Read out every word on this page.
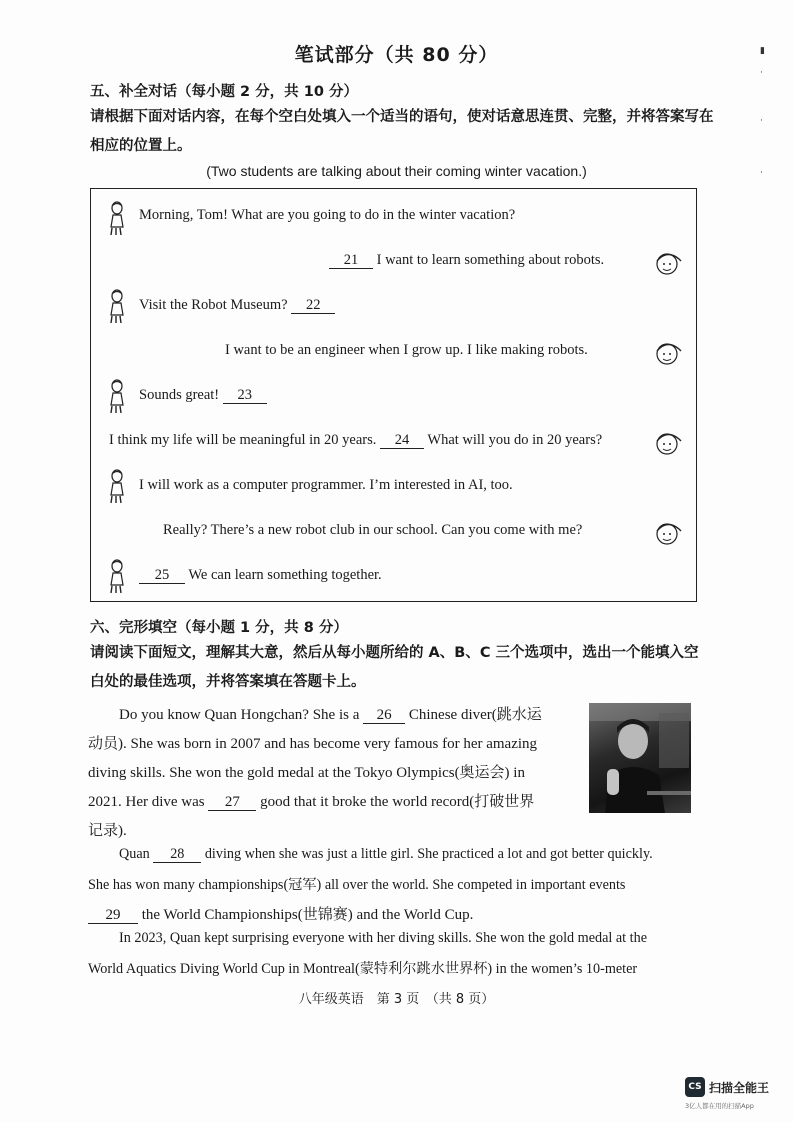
笔试部分（共 80 分）
五、补全对话（每小题 2 分，共 10 分）
请根据下面对话内容，在每个空白处填入一个适当的语句，使对话意思连贯、完整，并将答案写在相应的位置上。
(Two students are talking about their coming winter vacation.)
Morning, Tom! What are you going to do in the winter vacation?
21 I want to learn something about robots.
Visit the Robot Museum? 22
I want to be an engineer when I grow up. I like making robots.
Sounds great! 23
I think my life will be meaningful in 20 years. 24 What will you do in 20 years?
I will work as a computer programmer. I’m interested in AI, too.
Really? There’s a new robot club in our school. Can you come with me?
25 We can learn something together.
六、完形填空（每小题 1 分，共 8 分）
请阅读下面短文，理解其大意，然后从每小题所给的 A、B、C 三个选项中，选出一个能填入空白处的最佳选项，并将答案填在答题卡上。
Do you know Quan Hongchan? She is a 26 Chinese diver(跳水运
动员). She was born in 2007 and has become very famous for her amazing
diving skills. She won the gold medal at the Tokyo Olympics(奥运会) in
2021. Her dive was 27 good that it broke the world record(打破世界
记录).
Quan 28 diving when she was just a little girl. She practiced a lot and got better quickly.
She has won many championships(冠军) all over the world. She competed in important events
29 the World Championships(世锦赛) and the World Cup.
In 2023, Quan kept surprising everyone with her diving skills. She won the gold medal at the
World Aquatics Diving World Cup in Montreal(蒙特利尔跳水世界杯) in the women’s 10-meter
八年级英语　第 3 页　（共 8 页）
CS 扫描全能王
3亿人都在用的扫描App
▮
·
·
·
